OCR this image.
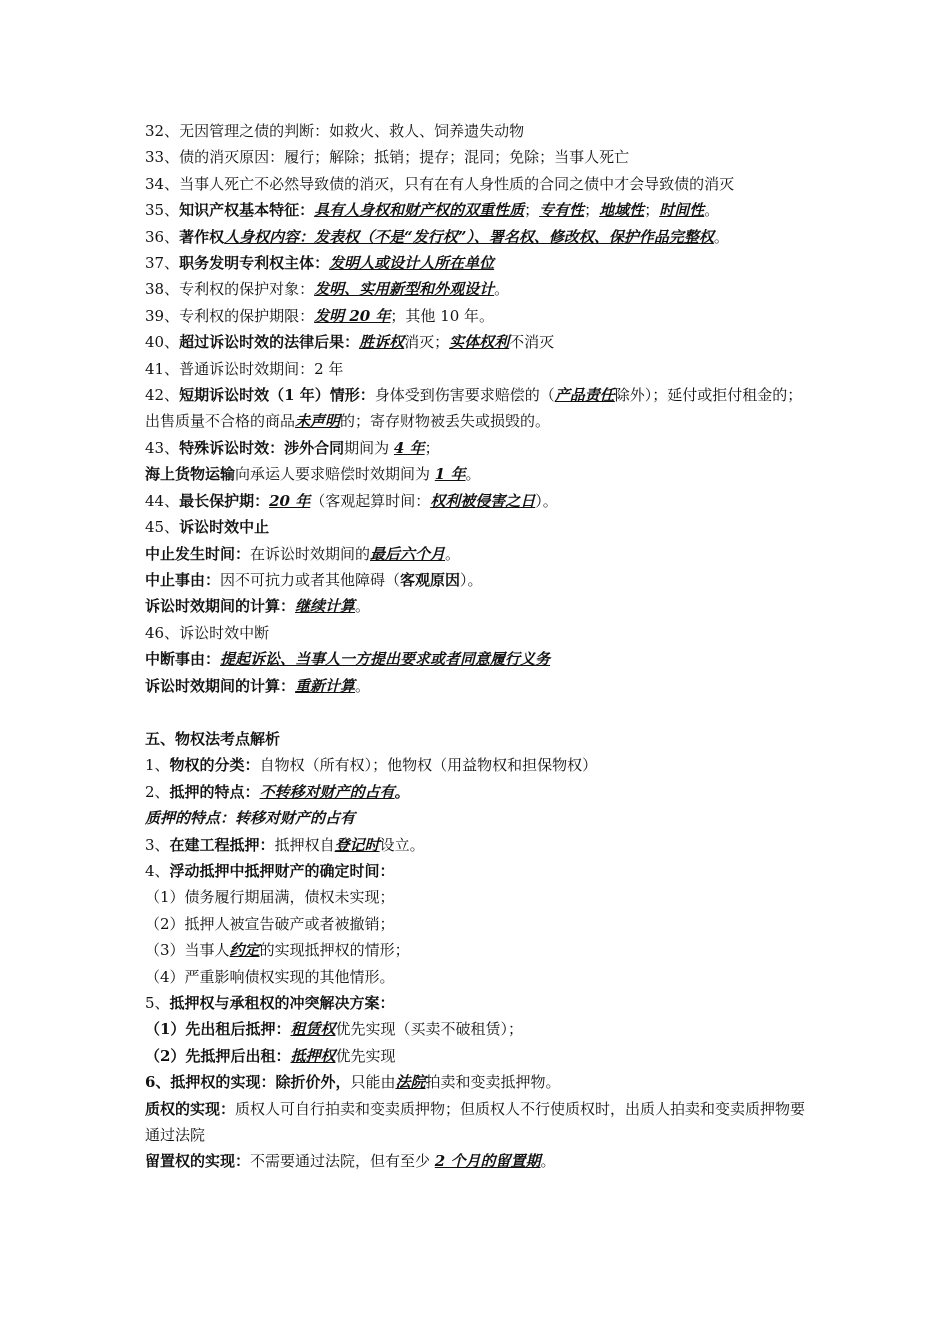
32、无因管理之债的判断：如救火、救人、饲养遗失动物
33、债的消灭原因：履行；解除；抵销；提存；混同；免除；当事人死亡
34、当事人死亡不必然导致债的消灭，只有在有人身性质的合同之债中才会导致债的消灭
35、知识产权基本特征：具有人身权和财产权的双重性质；专有性；地域性；时间性。
36、著作权人身权内容：发表权（不是“发行权”）、署名权、修改权、保护作品完整权。
37、职务发明专利权主体：发明人或设计人所在单位
38、专利权的保护对象：发明、实用新型和外观设计。
39、专利权的保护期限：发明 20 年；其他 10 年。
40、超过诉讼时效的法律后果：胜诉权消灭；实体权利不消灭
41、普通诉讼时效期间：2 年
42、短期诉讼时效（1 年）情形：身体受到伤害要求赔偿的（产品责任除外）；延付或拒付租金的；出售质量不合格的商品未声明的；寄存财物被丢失或损毁的。
43、特殊诉讼时效：涉外合同期间为 4 年；
海上货物运输向承运人要求赔偿时效期间为 1 年。
44、最长保护期：20 年（客观起算时间：权利被侵害之日）。
45、诉讼时效中止
中止发生时间：在诉讼时效期间的最后六个月。
中止事由：因不可抗力或者其他障碍（客观原因）。
诉讼时效期间的计算：继续计算。
46、诉讼时效中断
中断事由：提起诉讼、当事人一方提出要求或者同意履行义务
诉讼时效期间的计算：重新计算。
五、物权法考点解析
1、物权的分类：自物权（所有权）；他物权（用益物权和担保物权）
2、抵押的特点：不转移对财产的占有。
质押的特点：转移对财产的占有
3、在建工程抵押：抵押权自登记时设立。
4、浮动抵押中抵押财产的确定时间：
（1）债务履行期届满，债权未实现；
（2）抵押人被宣告破产或者被撤销；
（3）当事人约定的实现抵押权的情形；
（4）严重影响债权实现的其他情形。
5、抵押权与承租权的冲突解决方案：
（1）先出租后抵押：租赁权优先实现（买卖不破租赁）；
（2）先抵押后出租：抵押权优先实现
6、抵押权的实现：除折价外，只能由法院拍卖和变卖抵押物。
质权的实现：质权人可自行拍卖和变卖质押物；但质权人不行使质权时，出质人拍卖和变卖质押物要
通过法院
留置权的实现：不需要通过法院，但有至少 2 个月的留置期。
